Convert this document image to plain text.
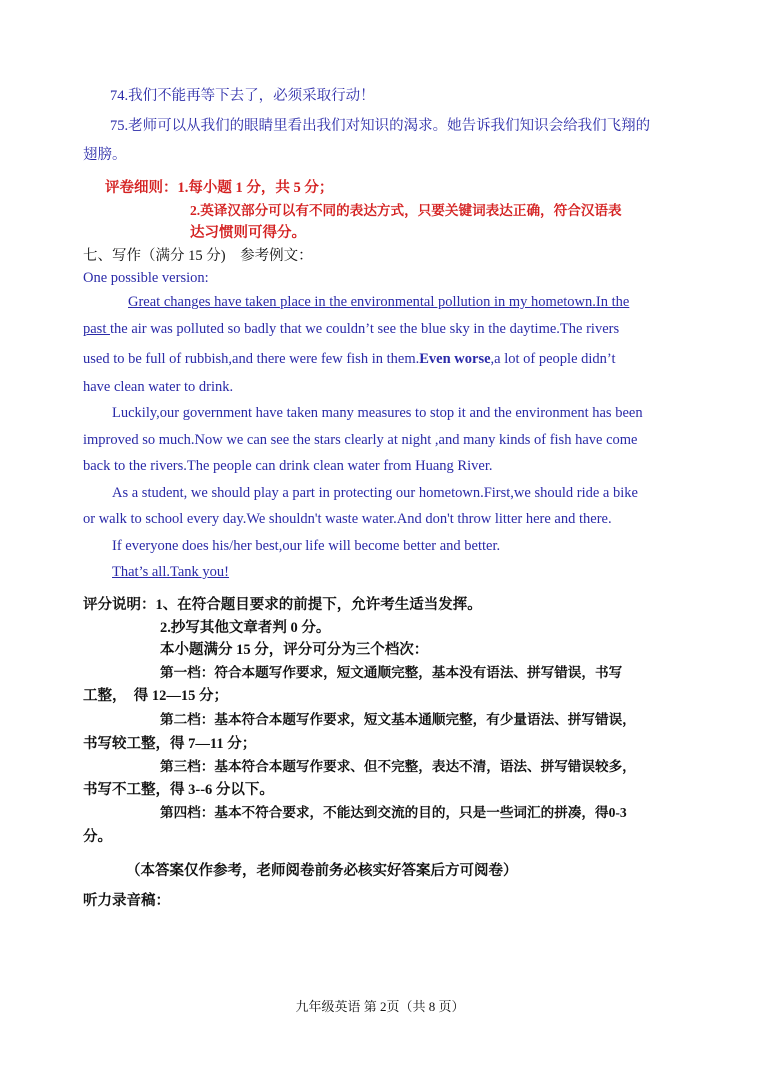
74.我们不能再等下去了，必须采取行动！
75.老师可以从我们的眼睛里看出我们对知识的渴求。她告诉我们知识会给我们飞翔的
翅膀。
评卷细则：1.每小题 1 分，共 5 分；
2.英译汉部分可以有不同的表达方式，只要关键词表达正确，符合汉语表
达习惯则可得分。
七、写作（满分 15 分)　参考例文：
One possible version:
Great changes have taken place in the environmental pollution in my hometown.In the
past the air was polluted so badly that we couldn’t see the blue sky in the daytime.The rivers
used to be full of rubbish,and there were few fish in them.Even worse,a lot of people didn’t
have clean water to drink.
Luckily,our government have taken many measures to stop it and the environment has been
improved so much.Now we can see the stars clearly at night ,and many kinds of fish have come
back to the rivers.The people can drink clean water from Huang River.
As a student, we should play a part in protecting our hometown.First,we should ride a bike
or walk to school every day.We shouldn't waste water.And don't throw litter here and there.
If everyone does his/her best,our life will become better and better.
That’s all.Tank you!
评分说明：1、在符合题目要求的前提下，允许考生适当发挥。
2.抄写其他文章者判 0 分。
本小题满分 15 分，评分可分为三个档次：
第一档：符合本题写作要求，短文通顺完整，基本没有语法、拼写错误，书写
工整，　得 12—15 分；
第二档：基本符合本题写作要求，短文基本通顺完整，有少量语法、拼写错误，
书写较工整，得 7—11 分；
第三档：基本符合本题写作要求、但不完整，表达不清，语法、拼写错误较多，
书写不工整，得 3--6 分以下。
第四档：基本不符合要求，不能达到交流的目的，只是一些词汇的拼凑，得0-3
分。
（本答案仅作参考，老师阅卷前务必核实好答案后方可阅卷）
听力录音稿：
九年级英语 第 2页（共 8 页）
